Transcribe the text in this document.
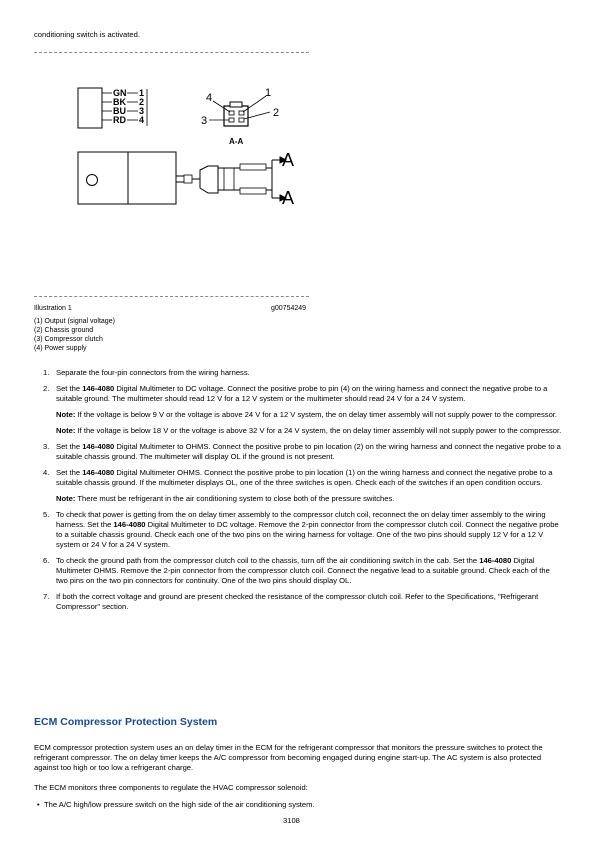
conditioning switch is activated.
GN
BK
BU
RD
1
2
3
4
4	1
3
2
A-A
A
A
Illustration 1	g00754249
(1) Output (signal voltage)
(2) Chassis ground
(3) Compressor clutch
(4) Power supply
1. Separate the four-pin connectors from the wiring harness.
2. Set the 146-4080 Digital Multimeter to DC voltage. Connect the positive probe to pin (4) on the wiring harness and connect the negative probe to a suitable ground. The multimeter should read 12 V for a 12 V system or the multimeter should read 24 V for a 24 V system.
Note: If the voltage is below 9 V or the voltage is above 24 V for a 12 V system, the on delay timer assembly will not supply power to the compressor.
Note: If the voltage is below 18 V or the voltage is above 32 V for a 24 V system, the on delay timer assembly will not supply power to the compressor.
3. Set the 146-4080 Digital Multimeter to OHMS. Connect the positive probe to pin location (2) on the wiring harness and connect the negative probe to a suitable chassis ground. The multimeter will display OL if the ground is not present.
4. Set the 146-4080 Digital Multimeter OHMS. Connect the positive probe to pin location (1) on the wiring harness and connect the negative probe to a suitable chassis ground. If the multimeter displays OL, one of the three switches is open. Check each of the switches if an open condition occurs.
Note: There must be refrigerant in the air conditioning system to close both of the pressure switches.
5. To check that power is getting from the on delay timer assembly to the compressor clutch coil, reconnect the on delay timer assembly to the wiring harness. Set the 146-4080 Digital Multimeter to DC voltage. Remove the 2-pin connector from the compressor clutch coil. Connect the negative probe to a suitable chassis ground. Check each one of the two pins on the wiring harness for voltage. One of the two pins should supply 12 V for a 12 V system or 24 V for a 24 V system.
6. To check the ground path from the compressor clutch coil to the chassis, turn off the air conditioning switch in the cab. Set the 146-4080 Digital Multimeter OHMS. Remove the 2-pin connector from the compressor clutch coil. Connect the negative lead to a suitable ground. Check each of the two pins on the two pin connectors for continuity. One of the two pins should display OL.
7. If both the correct voltage and ground are present checked the resistance of the compressor clutch coil. Refer to the Specifications, "Refrigerant Compressor" section.
ECM Compressor Protection System
ECM compressor protection system uses an on delay timer in the ECM for the refrigerant compressor that monitors the pressure switches to protect the refrigerant compressor. The on delay timer keeps the A/C compressor from becoming engaged during engine start-up. The AC system is also protected against too high or too low a refrigerant charge.
The ECM monitors three components to regulate the HVAC compressor solenoid:
• The A/C high/low pressure switch on the high side of the air conditioning system.
3108
